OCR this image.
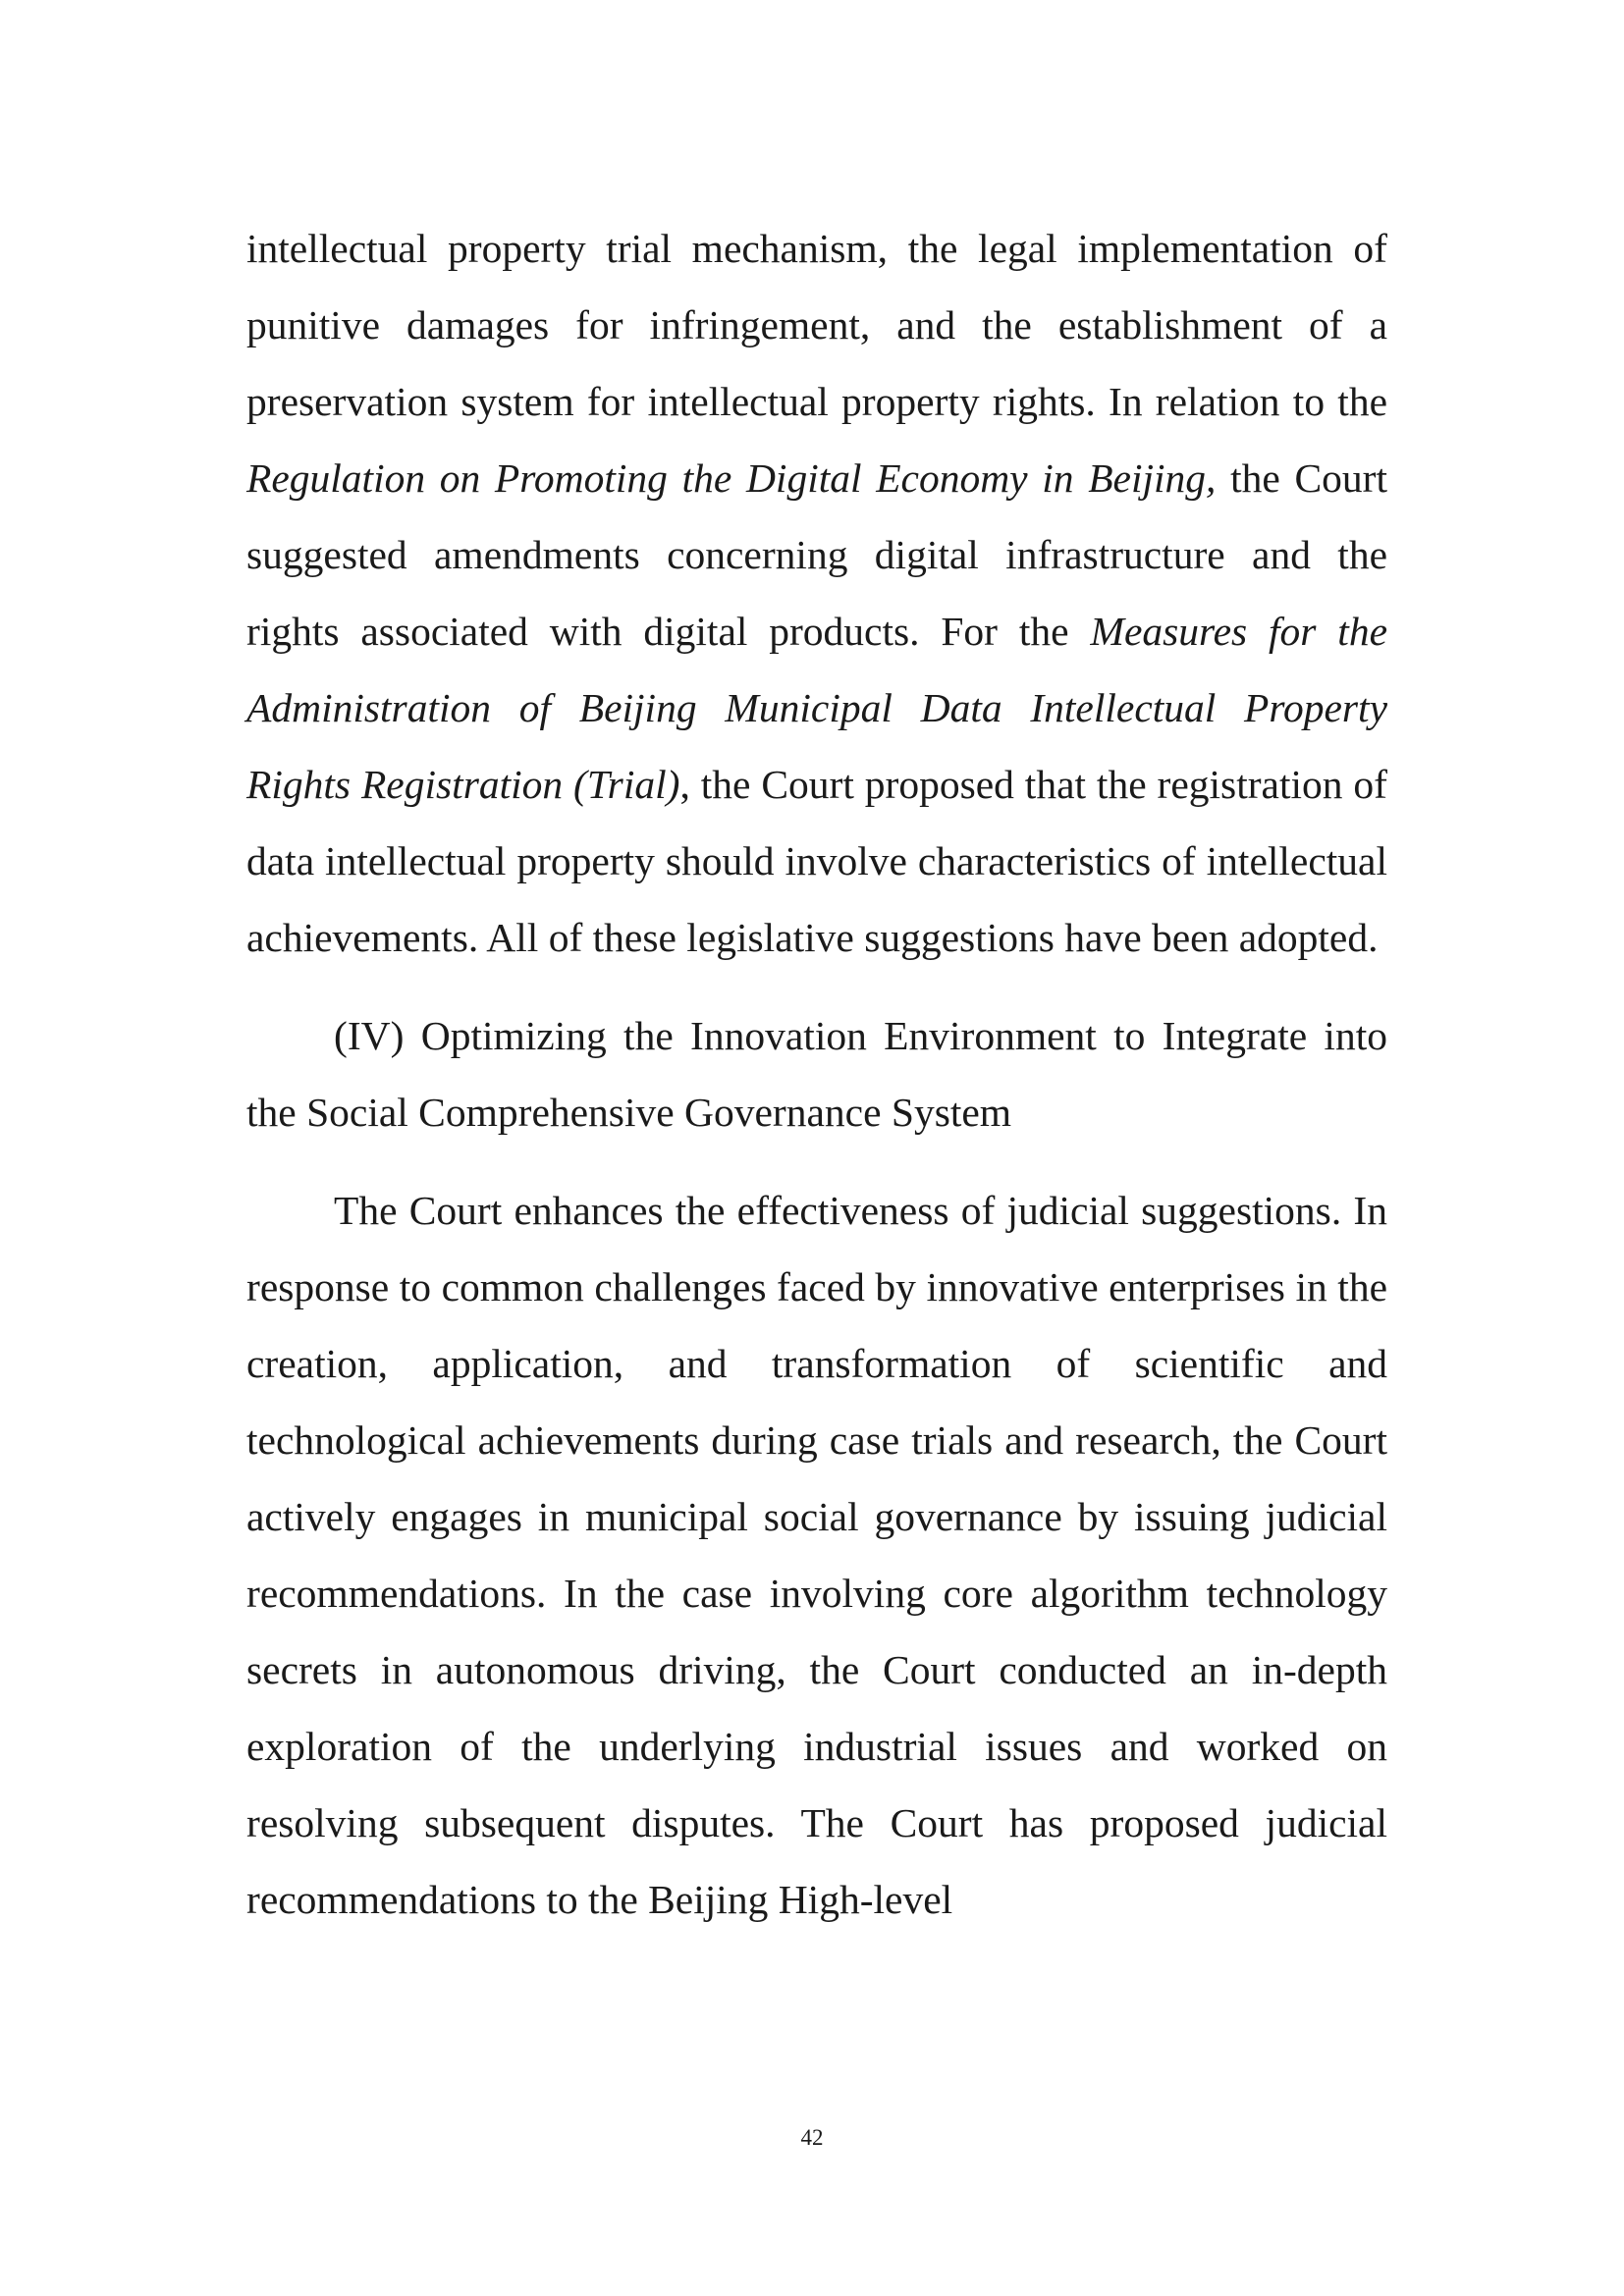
intellectual property trial mechanism, the legal implementation of punitive damages for infringement, and the establishment of a preservation system for intellectual property rights. In relation to the Regulation on Promoting the Digital Economy in Beijing, the Court suggested amendments concerning digital infrastructure and the rights associated with digital products. For the Measures for the Administration of Beijing Municipal Data Intellectual Property Rights Registration (Trial), the Court proposed that the registration of data intellectual property should involve characteristics of intellectual achievements. All of these legislative suggestions have been adopted.

(IV) Optimizing the Innovation Environment to Integrate into the Social Comprehensive Governance System

The Court enhances the effectiveness of judicial suggestions. In response to common challenges faced by innovative enterprises in the creation, application, and transformation of scientific and technological achievements during case trials and research, the Court actively engages in municipal social governance by issuing judicial recommendations. In the case involving core algorithm technology secrets in autonomous driving, the Court conducted an in-depth exploration of the underlying industrial issues and worked on resolving subsequent disputes. The Court has proposed judicial recommendations to the Beijing High-level

42
